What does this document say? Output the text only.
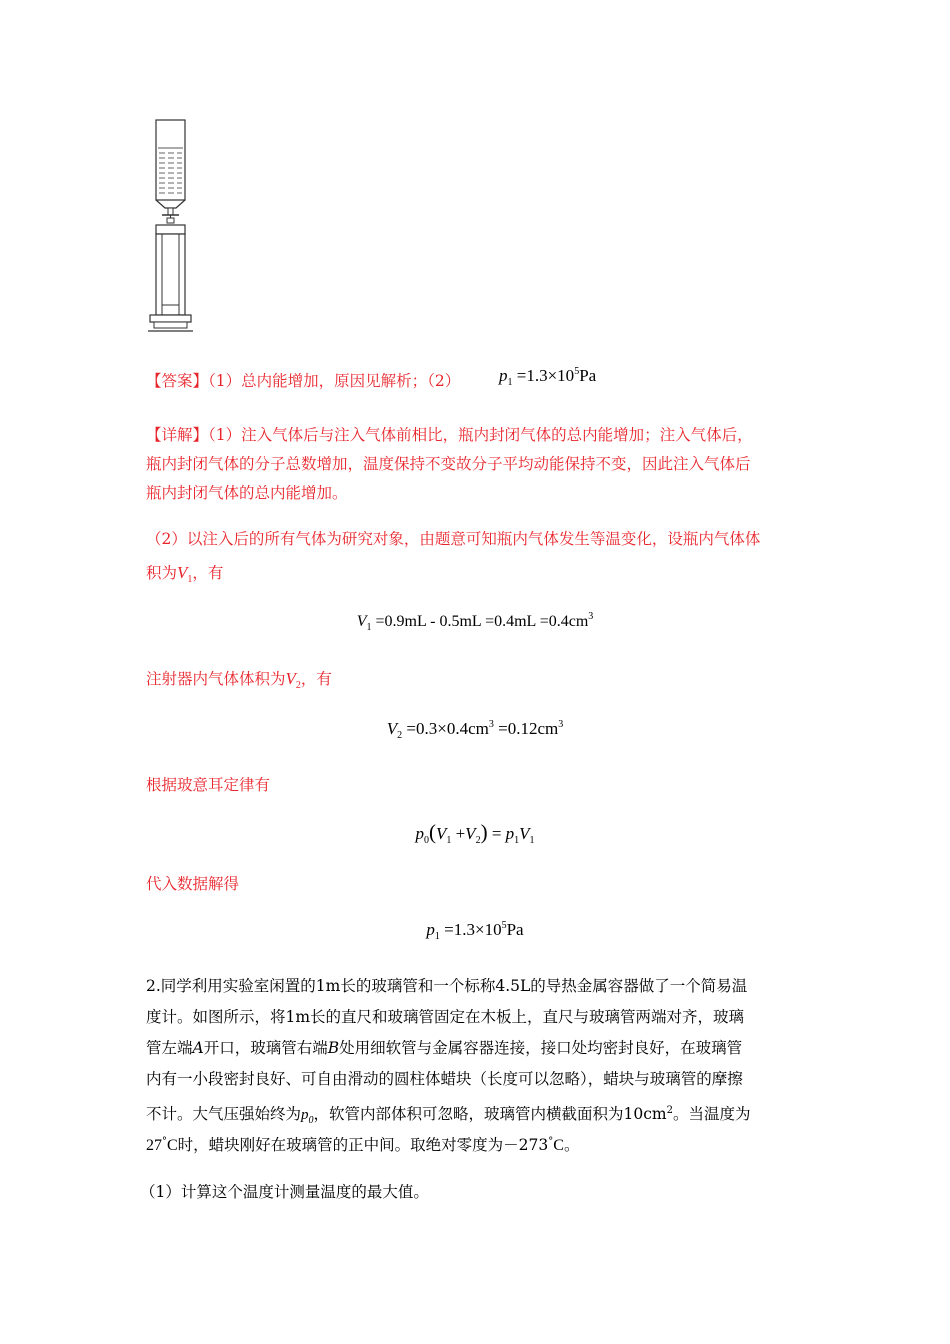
【答案】（1）总内能增加，原因见解析；（2） $p_1 =1.3\times 10^5Pa$
【详解】（1）注入气体后与注入气体前相比，瓶内封闭气体的总内能增加；注入气体后，
瓶内封闭气体的分子总数增加，温度保持不变故分子平均动能保持不变，因此注入气体后
瓶内封闭气体的总内能增加。
（2）以注入后的所有气体为研究对象，由题意可知瓶内气体发生等温变化，设瓶内气体体
积为$V_1$，有
$V_1 =0.9mL - 0.5mL =0.4mL =0.4cm^3$
注射器内气体体积为$V_2$，有
$V_2 =0.3\times 0.4cm^3 =0.12cm^3$
根据玻意耳定律有
$p_0(V_1 +V_2) = p_1V_1$
代入数据解得
$p_1 =1.3\times 10^5Pa$
2.同学利用实验室闲置的1m长的玻璃管和一个标称4.5L的导热金属容器做了一个简易温
度计。如图所示，将1m长的直尺和玻璃管固定在木板上，直尺与玻璃管两端对齐，玻璃
管左端A开口，玻璃管右端B处用细软管与金属容器连接，接口处均密封良好，在玻璃管
内有一小段密封良好、可自由滑动的圆柱体蜡块（长度可以忽略），蜡块与玻璃管的摩擦
不计。大气压强始终为$p_0$，软管内部体积可忽略，玻璃管内横截面积为$10cm^2$。当温度为
27°C时，蜡块刚好在玻璃管的正中间。取绝对零度为－273°C。
（1）计算这个温度计测量温度的最大值。
